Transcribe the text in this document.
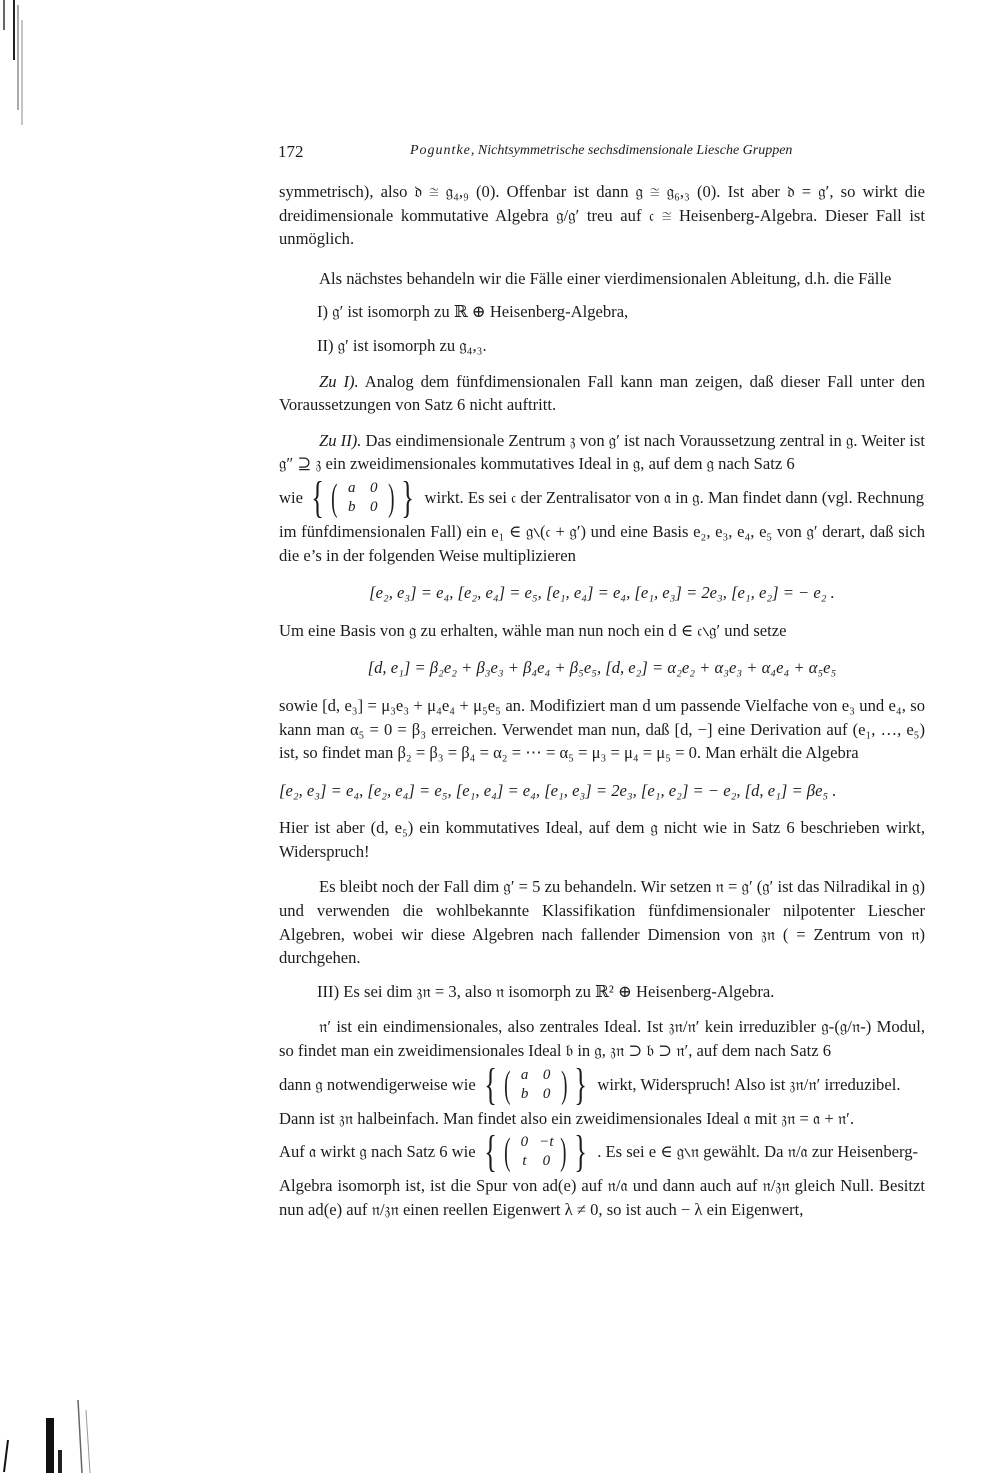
172	Poguntke, Nichtsymmetrische sechsdimensionale Liesche Gruppen

symmetrisch), also 𝔡 ≅ 𝔤₄,₉ (0). Offenbar ist dann 𝔤 ≅ 𝔤₆,₃ (0). Ist aber 𝔡 = 𝔤′, so wirkt die dreidimensionale kommutative Algebra 𝔤/𝔤′ treu auf 𝔠 ≅ Heisenberg-Algebra. Dieser Fall ist unmöglich.

Als nächstes behandeln wir die Fälle einer vierdimensionalen Ableitung, d.h. die Fälle

I) 𝔤′ ist isomorph zu ℝ ⊕ Heisenberg-Algebra,

II) 𝔤′ ist isomorph zu 𝔤₄,₃.

Zu I). Analog dem fünfdimensionalen Fall kann man zeigen, daß dieser Fall unter den Voraussetzungen von Satz 6 nicht auftritt.

Zu II). Das eindimensionale Zentrum 𝔷 von 𝔤′ ist nach Voraussetzung zentral in 𝔤. Weiter ist 𝔤″ ⊇ 𝔷 ein zweidimensionales kommutatives Ideal in 𝔤, auf dem 𝔤 nach Satz 6

wie { ( a 0
b 0 ) } wirkt. Es sei 𝔠 der Zentralisator von 𝔞 in 𝔤. Man findet dann (vgl. Rechnung

im fünfdimensionalen Fall) ein e₁ ∈ 𝔤∖(𝔠 + 𝔤′) und eine Basis e₂, e₃, e₄, e₅ von 𝔤′ derart, daß sich die e’s in der folgenden Weise multiplizieren

[e₂, e₃] = e₄, [e₂, e₄] = e₅, [e₁, e₄] = e₄, [e₁, e₃] = 2e₃, [e₁, e₂] = − e₂ .

Um eine Basis von 𝔤 zu erhalten, wähle man nun noch ein d ∈ 𝔠∖𝔤′ und setze

[d, e₁] = β₂e₂ + β₃e₃ + β₄e₄ + β₅e₅, [d, e₂] = α₂e₂ + α₃e₃ + α₄e₄ + α₅e₅

sowie [d, e₃] = μ₃e₃ + μ₄e₄ + μ₅e₅ an. Modifiziert man d um passende Vielfache von e₃ und e₄, so kann man α₅ = 0 = β₃ erreichen. Verwendet man nun, daß [d, −] eine Derivation auf (e₁, …, e₅) ist, so findet man β₂ = β₃ = β₄ = α₂ = ⋯ = α₅ = μ₃ = μ₄ = μ₅ = 0. Man erhält die Algebra

[e₂, e₃] = e₄, [e₂, e₄] = e₅, [e₁, e₄] = e₄, [e₁, e₃] = 2e₃, [e₁, e₂] = − e₂, [d, e₁] = βe₅ .

Hier ist aber (d, e₅) ein kommutatives Ideal, auf dem 𝔤 nicht wie in Satz 6 beschrieben wirkt, Widerspruch!

Es bleibt noch der Fall dim 𝔤′ = 5 zu behandeln. Wir setzen 𝔫 = 𝔤′ (𝔤′ ist das Nilradikal in 𝔤) und verwenden die wohlbekannte Klassifikation fünfdimensionaler nilpotenter Liescher Algebren, wobei wir diese Algebren nach fallender Dimension von 𝔷𝔫 ( = Zentrum von 𝔫) durchgehen.

III) Es sei dim 𝔷𝔫 = 3, also 𝔫 isomorph zu ℝ² ⊕ Heisenberg-Algebra.

𝔫′ ist ein eindimensionales, also zentrales Ideal. Ist 𝔷𝔫/𝔫′ kein irreduzibler 𝔤-(𝔤/𝔫-) Modul, so findet man ein zweidimensionales Ideal 𝔟 in 𝔤, 𝔷𝔫 ⊃ 𝔟 ⊃ 𝔫′, auf dem nach Satz 6

dann 𝔤 notwendigerweise wie { ( a 0
b 0 ) } wirkt, Widerspruch! Also ist 𝔷𝔫/𝔫′ irreduzibel.

Dann ist 𝔷𝔫 halbeinfach. Man findet also ein zweidimensionales Ideal 𝔞 mit 𝔷𝔫 = 𝔞 + 𝔫′.

Auf 𝔞 wirkt 𝔤 nach Satz 6 wie { ( 0 −t
t	0 ) } . Es sei e ∈ 𝔤∖𝔫 gewählt. Da 𝔫/𝔞 zur Heisenberg-

Algebra isomorph ist, ist die Spur von ad(e) auf 𝔫/𝔞 und dann auch auf 𝔫/𝔷𝔫 gleich Null. Besitzt nun ad(e) auf 𝔫/𝔷𝔫 einen reellen Eigenwert λ ≠ 0, so ist auch − λ ein Eigenwert,
